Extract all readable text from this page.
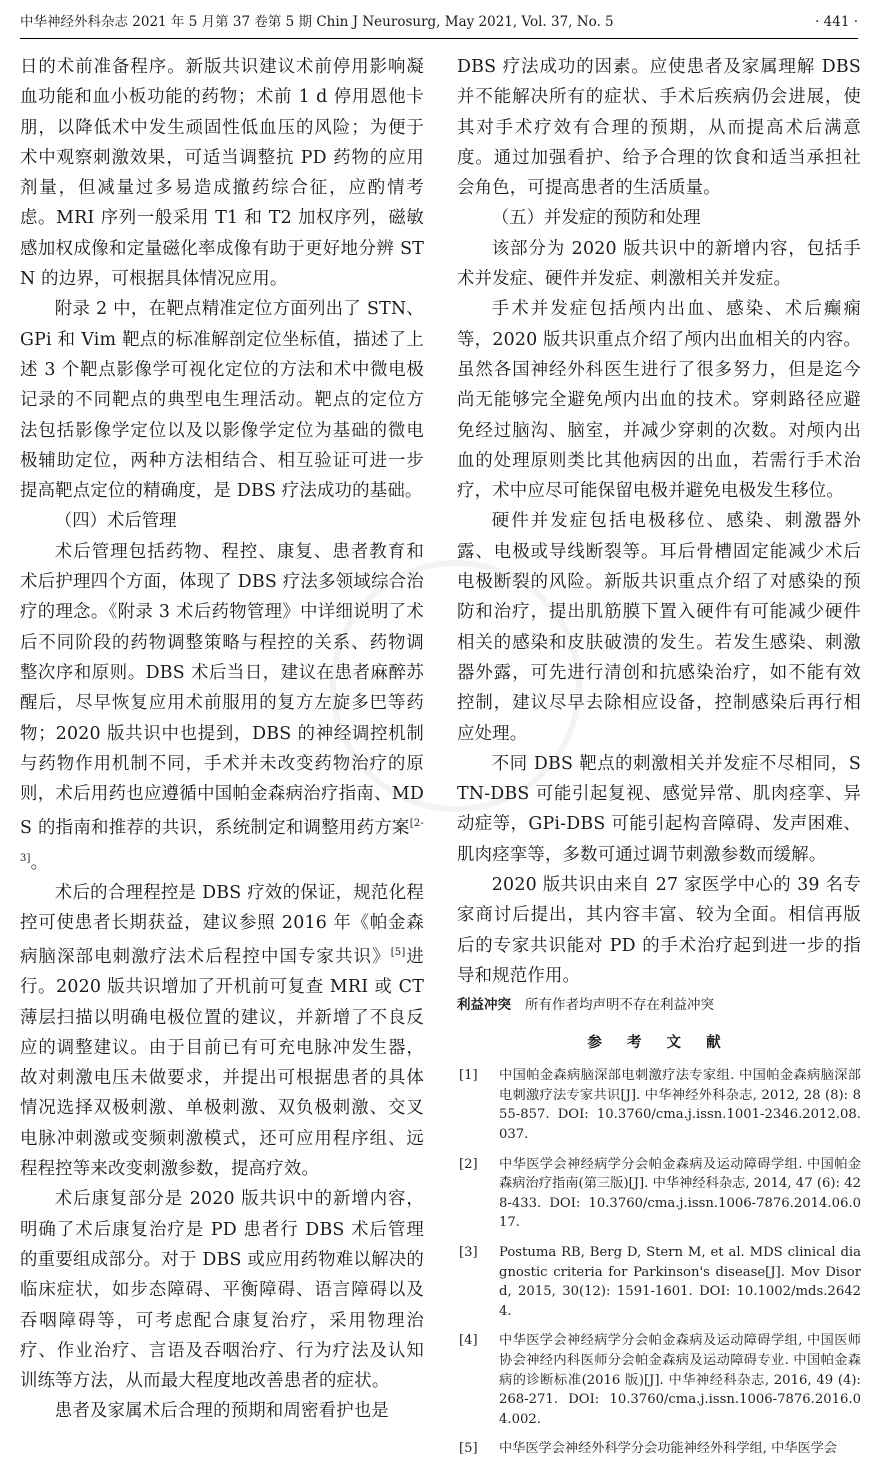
中华神经外科杂志 2021 年 5 月第 37 卷第 5 期 Chin J Neurosurg, May 2021, Vol. 37, No. 5	· 441 ·

日的术前准备程序。新版共识建议术前停用影响凝血功能和血小板功能的药物；术前 1 d 停用恩他卡朋，以降低术中发生顽固性低血压的风险；为便于术中观察刺激效果，可适当调整抗 PD 药物的应用剂量，但减量过多易造成撤药综合征，应酌情考虑。MRI 序列一般采用 T1 和 T2 加权序列，磁敏感加权成像和定量磁化率成像有助于更好地分辨 STN 的边界，可根据具体情况应用。

附录 2 中，在靶点精准定位方面列出了 STN、GPi 和 Vim 靶点的标准解剖定位坐标值，描述了上述 3 个靶点影像学可视化定位的方法和术中微电极记录的不同靶点的典型电生理活动。靶点的定位方法包括影像学定位以及以影像学定位为基础的微电极辅助定位，两种方法相结合、相互验证可进一步提高靶点定位的精确度，是 DBS 疗法成功的基础。

（四）术后管理

术后管理包括药物、程控、康复、患者教育和术后护理四个方面，体现了 DBS 疗法多领域综合治疗的理念。《附录 3 术后药物管理》中详细说明了术后不同阶段的药物调整策略与程控的关系、药物调整次序和原则。DBS 术后当日，建议在患者麻醉苏醒后，尽早恢复应用术前服用的复方左旋多巴等药物；2020 版共识中也提到，DBS 的神经调控机制与药物作用机制不同，手术并未改变药物治疗的原则，术后用药也应遵循中国帕金森病治疗指南、MDS 的指南和推荐的共识，系统制定和调整用药方案[2-3]。

术后的合理程控是 DBS 疗效的保证，规范化程控可使患者长期获益，建议参照 2016 年《帕金森病脑深部电刺激疗法术后程控中国专家共识》[5]进行。2020 版共识增加了开机前可复查 MRI 或 CT 薄层扫描以明确电极位置的建议，并新增了不良反应的调整建议。由于目前已有可充电脉冲发生器，故对刺激电压未做要求，并提出可根据患者的具体情况选择双极刺激、单极刺激、双负极刺激、交叉电脉冲刺激或变频刺激模式，还可应用程序组、远程程控等来改变刺激参数，提高疗效。

术后康复部分是 2020 版共识中的新增内容，明确了术后康复治疗是 PD 患者行 DBS 术后管理的重要组成部分。对于 DBS 或应用药物难以解决的临床症状，如步态障碍、平衡障碍、语言障碍以及吞咽障碍等，可考虑配合康复治疗，采用物理治疗、作业治疗、言语及吞咽治疗、行为疗法及认知训练等方法，从而最大程度地改善患者的症状。

患者及家属术后合理的预期和周密看护也是

DBS 疗法成功的因素。应使患者及家属理解 DBS 并不能解决所有的症状、手术后疾病仍会进展，使其对手术疗效有合理的预期，从而提高术后满意度。通过加强看护、给予合理的饮食和适当承担社会角色，可提高患者的生活质量。

（五）并发症的预防和处理

该部分为 2020 版共识中的新增内容，包括手术并发症、硬件并发症、刺激相关并发症。

手术并发症包括颅内出血、感染、术后癫痫等，2020 版共识重点介绍了颅内出血相关的内容。虽然各国神经外科医生进行了很多努力，但是迄今尚无能够完全避免颅内出血的技术。穿刺路径应避免经过脑沟、脑室，并减少穿刺的次数。对颅内出血的处理原则类比其他病因的出血，若需行手术治疗，术中应尽可能保留电极并避免电极发生移位。

硬件并发症包括电极移位、感染、刺激器外露、电极或导线断裂等。耳后骨槽固定能减少术后电极断裂的风险。新版共识重点介绍了对感染的预防和治疗，提出肌筋膜下置入硬件有可能减少硬件相关的感染和皮肤破溃的发生。若发生感染、刺激器外露，可先进行清创和抗感染治疗，如不能有效控制，建议尽早去除相应设备，控制感染后再行相应处理。

不同 DBS 靶点的刺激相关并发症不尽相同，STN-DBS 可能引起复视、感觉异常、肌肉痉挛、异动症等，GPi-DBS 可能引起构音障碍、发声困难、肌肉痉挛等，多数可通过调节刺激参数而缓解。

2020 版共识由来自 27 家医学中心的 39 名专家商讨后提出，其内容丰富、较为全面。相信再版后的专家共识能对 PD 的手术治疗起到进一步的指导和规范作用。

利益冲突 所有作者均声明不存在利益冲突

参 考 文 献
[1]	中国帕金森病脑深部电刺激疗法专家组. 中国帕金森病脑深部电刺激疗法专家共识[J]. 中华神经外科杂志, 2012, 28 (8): 855-857. DOI: 10.3760/cma.j.issn.1001-2346.2012.08.037.
[2]	中华医学会神经病学分会帕金森病及运动障碍学组. 中国帕金森病治疗指南(第三版)[J]. 中华神经科杂志, 2014, 47 (6): 428-433. DOI: 10.3760/cma.j.issn.1006-7876.2014.06.017.
[3]	Postuma RB, Berg D, Stern M, et al. MDS clinical diagnostic criteria for Parkinson's disease[J]. Mov Disord, 2015, 30(12): 1591-1601. DOI: 10.1002/mds.26424.
[4]	中华医学会神经病学分会帕金森病及运动障碍学组, 中国医师协会神经内科医师分会帕金森病及运动障碍专业. 中国帕金森病的诊断标准(2016 版)[J]. 中华神经科杂志, 2016, 49 (4): 268-271. DOI: 10.3760/cma.j.issn.1006-7876.2016.04.002.
[5]	中华医学会神经外科学分会功能神经外科学组, 中华医学会
